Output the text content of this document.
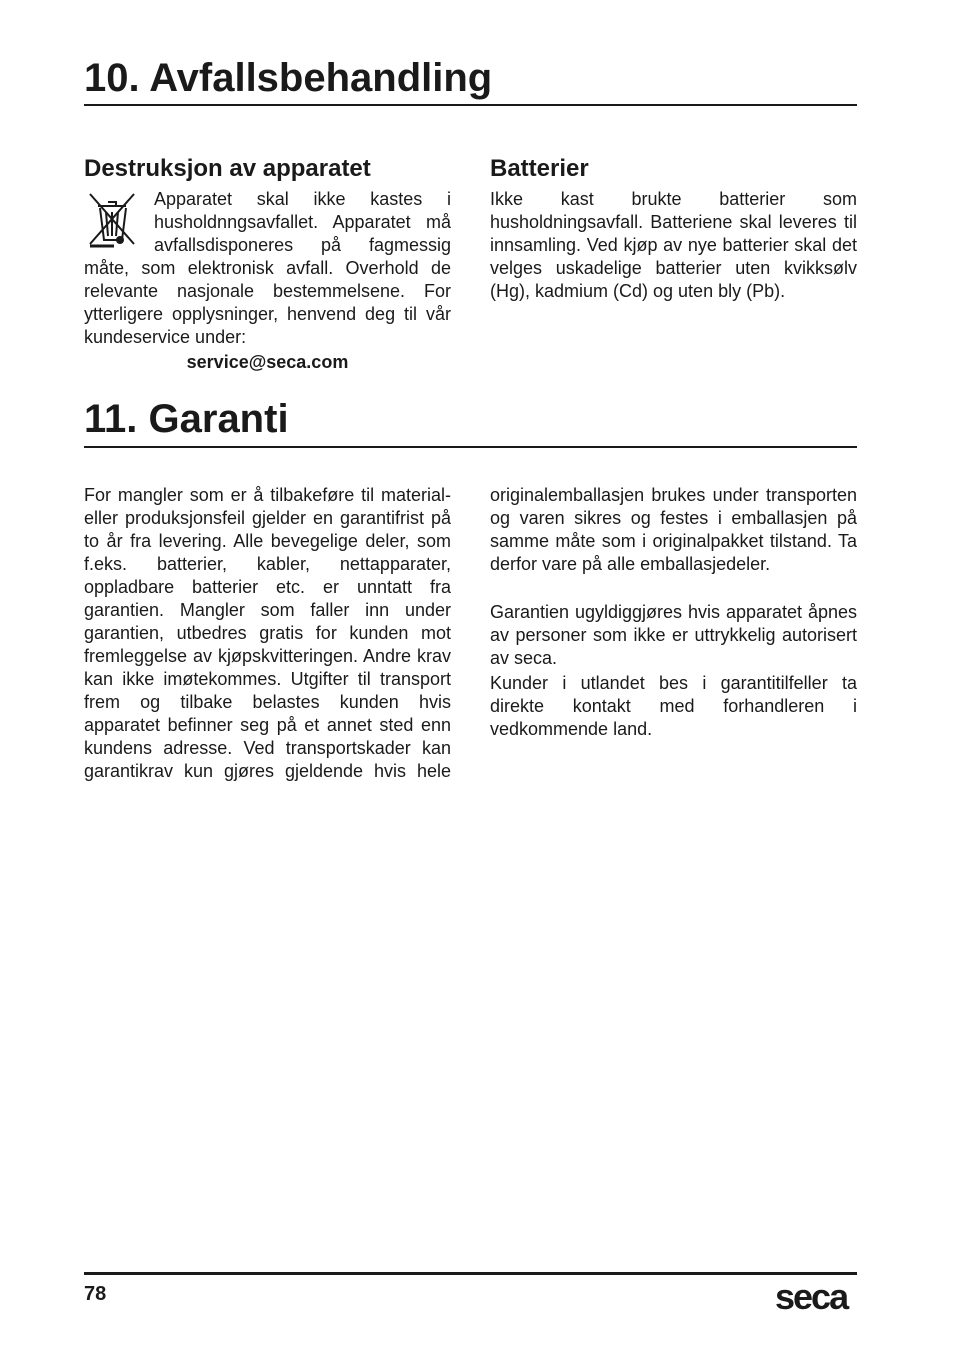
10. Avfallsbehandling
Destruksjon av apparatet

Apparatet skal ikke kastes i husholdnngsavfallet. Apparatet må avfallsdisponeres på fagmessig måte, som elektronisk avfall. Overhold de relevante nasjonale bestemmelsene. For ytterligere opplysninger, henvend deg til vår kundeservice under:

service@seca.com

Batterier

Ikke kast brukte batterier som husholdningsavfall. Batteriene skal leveres til innsamling. Ved kjøp av nye batterier skal det velges uskadelige batterier uten kvikksølv (Hg), kadmium (Cd) og uten bly (Pb).

11. Garanti

For mangler som er å tilbakeføre til material- eller produksjonsfeil gjelder en garantifrist på to år fra levering. Alle bevegelige deler, som f.eks. batterier, kabler, nettapparater, oppladbare batterier etc. er unntatt fra garantien. Mangler som faller inn under garantien, utbedres gratis for kunden mot fremleggelse av kjøpskvitteringen. Andre krav kan ikke imøtekommes. Utgifter til transport frem og tilbake belastes kunden hvis apparatet befinner seg på et annet sted enn kundens adresse. Ved transportskader kan garantikrav kun gjøres gjeldende hvis hele

originalemballasjen brukes under transporten og varen sikres og festes i emballasjen på samme måte som i originalpakket tilstand. Ta derfor vare på alle emballasjedeler.

Garantien ugyldiggjøres hvis apparatet åpnes av personer som ikke er uttrykkelig autorisert av seca.

Kunder i utlandet bes i garantitilfeller ta direkte kontakt med forhandleren i vedkommende land.

78	seca
